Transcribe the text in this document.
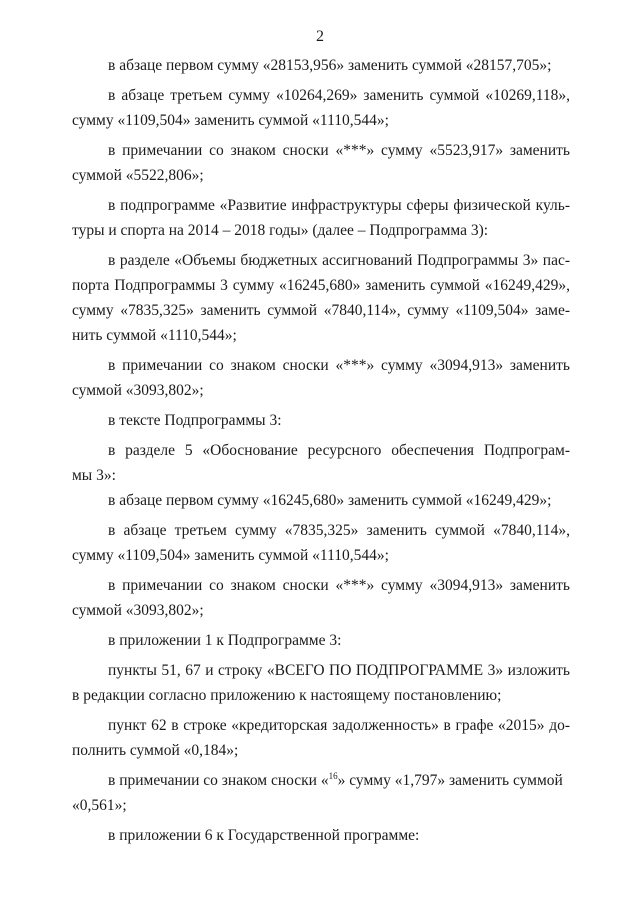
2
в абзаце первом сумму «28153,956» заменить суммой «28157,705»;
в абзаце третьем сумму «10264,269» заменить суммой «10269,118»,
сумму «1109,504» заменить суммой «1110,544»;
в примечании со знаком сноски «***» сумму «5523,917» заменить
суммой «5522,806»;
в подпрограмме «Развитие инфраструктуры сферы физической куль-
туры и спорта на 2014 – 2018 годы» (далее – Подпрограмма 3):
в разделе «Объемы бюджетных ассигнований Подпрограммы 3» пас-
порта Подпрограммы 3 сумму «16245,680» заменить суммой «16249,429»,
сумму «7835,325» заменить суммой «7840,114», сумму «1109,504» заме-
нить суммой «1110,544»;
в примечании со знаком сноски «***» сумму «3094,913» заменить
суммой «3093,802»;
в тексте Подпрограммы 3:
в разделе 5 «Обоснование ресурсного обеспечения Подпрограм-
мы 3»:
в абзаце первом сумму «16245,680» заменить суммой «16249,429»;
в абзаце третьем сумму «7835,325» заменить суммой «7840,114»,
сумму «1109,504» заменить суммой «1110,544»;
в примечании со знаком сноски «***» сумму «3094,913» заменить
суммой «3093,802»;
в приложении 1 к Подпрограмме 3:
пункты 51, 67 и строку «ВСЕГО ПО ПОДПРОГРАММЕ 3» изложить
в редакции согласно приложению к настоящему постановлению;
пункт 62 в строке «кредиторская задолженность» в графе «2015» до-
полнить суммой «0,184»;
в примечании со знаком сноски «$^{16}$» сумму «1,797» заменить суммой
«0,561»;
в приложении 6 к Государственной программе:
